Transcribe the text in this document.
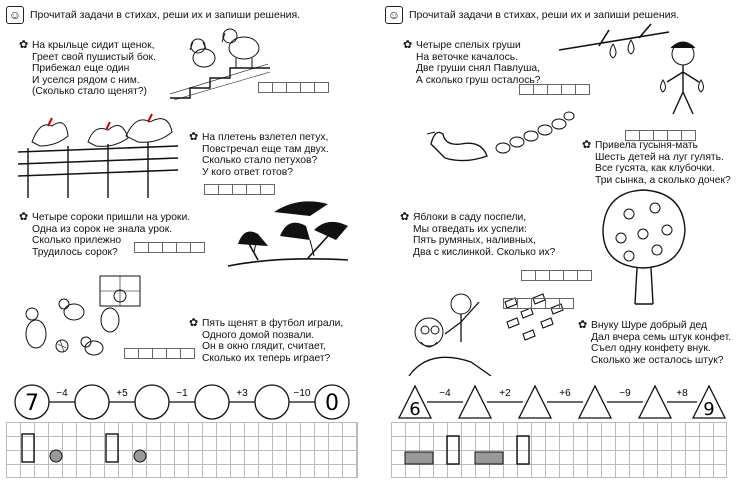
☺ Прочитай задачи в стихах, реши их и запиши решения.
✿ На крыльце сидит щенок,
Греет свой пушистый бок.
Прибежал еще один
И уселся рядом с ним.
(Сколько стало щенят?)
✿ На плетень взлетел петух,
Повстречал еще там двух.
Сколько стало петухов?
У кого ответ готов?
✿ Четыре сороки пришли на уроки.
Одна из сорок не знала урок.
Сколько прилежно
Трудилось сорок?
✿ Пять щенят в футбол играли,
Одного домой позвали.
Он в окно глядит, считает,
Сколько их теперь играет?
7	0
−4	+5	−1	+3	−10
☺ Прочитай задачи в стихах, реши их и запиши решения.
✿ Четыре спелых груши
На веточке качалось.
Две груши снял Павлуша,
А сколько груш осталось?
✿ Привела гусыня-мать
Шесть детей на луг гулять.
Все гусята, как клубочки.
Три сынка, а сколько дочек?
✿ Яблоки в саду поспели,
Мы отведать их успели:
Пять румяных, наливных,
Два с кислинкой. Сколько их?
✿ Внуку Шуре добрый дед
Дал вчера семь штук конфет.
Съел одну конфету внук.
Сколько же осталось штук?
6	9
−4	+2	+6	−9	+8
